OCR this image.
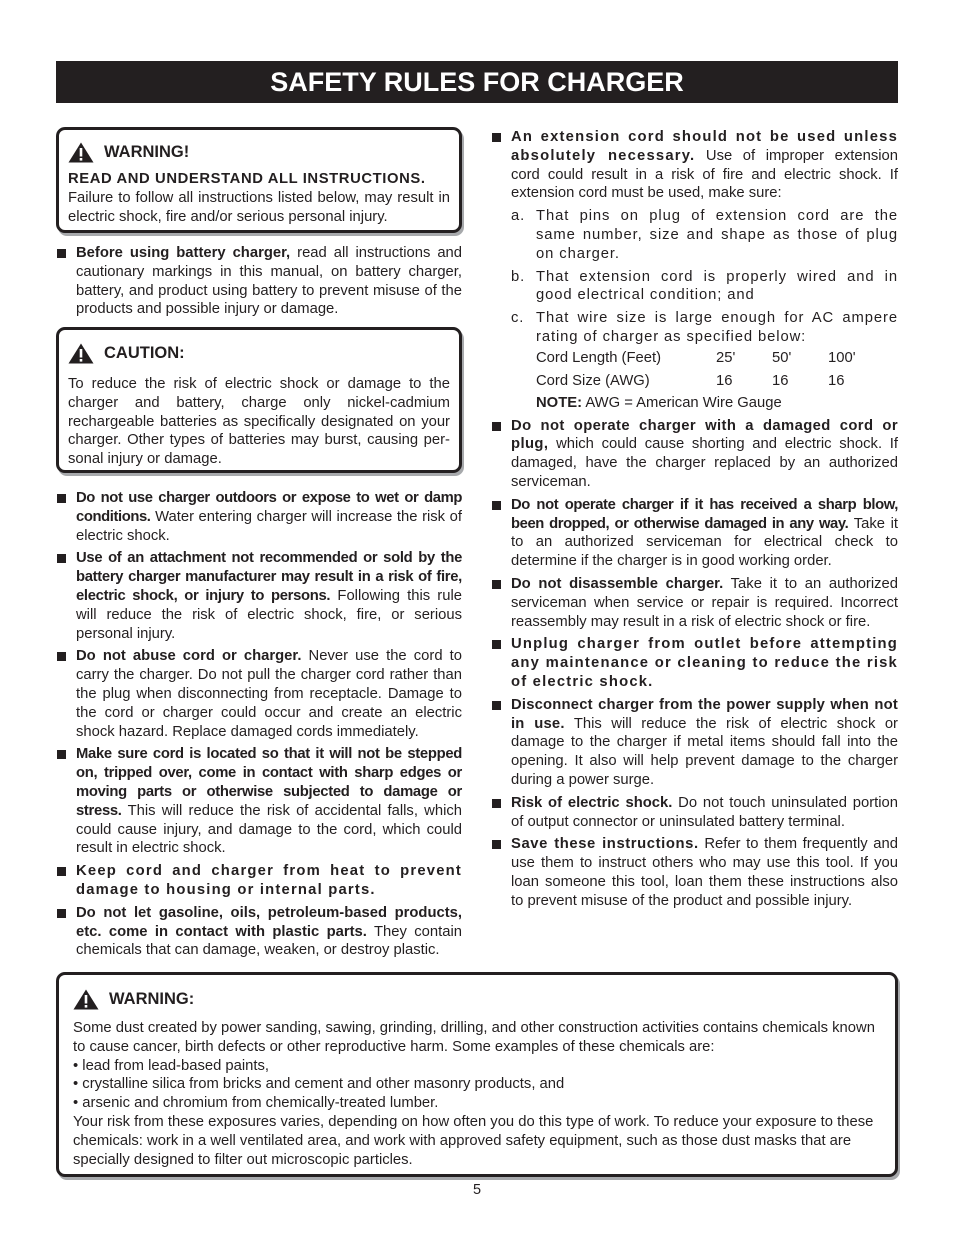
SAFETY RULES FOR CHARGER
WARNING!
READ AND UNDERSTAND ALL INSTRUCTIONS.
Failure to follow all instructions listed below, may result in electric shock, fire and/or serious personal injury.
Before using battery charger, read all instructions and cautionary markings in this manual, on battery charger, battery, and product using battery to prevent misuse of the products and possible injury or damage.
CAUTION:
To reduce the risk of electric shock or damage to the charger and battery, charge only nickel-cadmium rechargeable batteries as specifically designated on your charger. Other types of batteries may burst, causing per-sonal injury or damage.
Do not use charger outdoors or expose to wet or damp conditions. Water entering charger will increase the risk of electric shock.
Use of an attachment not recommended or sold by the battery charger manufacturer may result in a risk of fire, electric shock, or injury to persons. Following this rule will reduce the risk of electric shock, fire, or serious personal injury.
Do not abuse cord or charger. Never use the cord to carry the charger. Do not pull the charger cord rather than the plug when disconnecting from receptacle. Damage to the cord or charger could occur and create an electric shock hazard. Replace damaged cords immediately.
Make sure cord is located so that it will not be stepped on, tripped over, come in contact with sharp edges or moving parts or otherwise subjected to damage or stress. This will reduce the risk of accidental falls, which could cause injury, and damage to the cord, which could result in electric shock.
Keep cord and charger from heat to prevent damage to housing or internal parts.
Do not let gasoline, oils, petroleum-based products, etc. come in contact with plastic parts. They contain chemicals that can damage, weaken, or destroy plastic.
An extension cord should not be used unless absolutely necessary. Use of improper extension cord could result in a risk of fire and electric shock. If extension cord must be used, make sure:
a. That pins on plug of extension cord are the same number, size and shape as those of plug on charger.
b. That extension cord is properly wired and in good electrical condition; and
c. That wire size is large enough for AC ampere rating of charger as specified below:
Cord Length (Feet)	25'	50'	100'
Cord Size (AWG)	16	16	16
NOTE: AWG = American Wire Gauge
Do not operate charger with a damaged cord or plug, which could cause shorting and electric shock. If damaged, have the charger replaced by an authorized serviceman.
Do not operate charger if it has received a sharp blow, been dropped, or otherwise damaged in any way. Take it to an authorized serviceman for electrical check to determine if the charger is in good working order.
Do not disassemble charger. Take it to an authorized serviceman when service or repair is required. Incorrect reassembly may result in a risk of electric shock or fire.
Unplug charger from outlet before attempting any maintenance or cleaning to reduce the risk of electric shock.
Disconnect charger from the power supply when not in use. This will reduce the risk of electric shock or damage to the charger if metal items should fall into the opening. It also will help prevent damage to the charger during a power surge.
Risk of electric shock. Do not touch uninsulated portion of output connector or uninsulated battery terminal.
Save these instructions. Refer to them frequently and use them to instruct others who may use this tool. If you loan someone this tool, loan them these instructions also to prevent misuse of the product and possible injury.
WARNING:
Some dust created by power sanding, sawing, grinding, drilling, and other construction activities contains chemicals known to cause cancer, birth defects or other reproductive harm. Some examples of these chemicals are:
• lead from lead-based paints,
• crystalline silica from bricks and cement and other masonry products, and
• arsenic and chromium from chemically-treated lumber.
Your risk from these exposures varies, depending on how often you do this type of work. To reduce your exposure to these chemicals: work in a well ventilated area, and work with approved safety equipment, such as those dust masks that are specially designed to filter out microscopic particles.
5
